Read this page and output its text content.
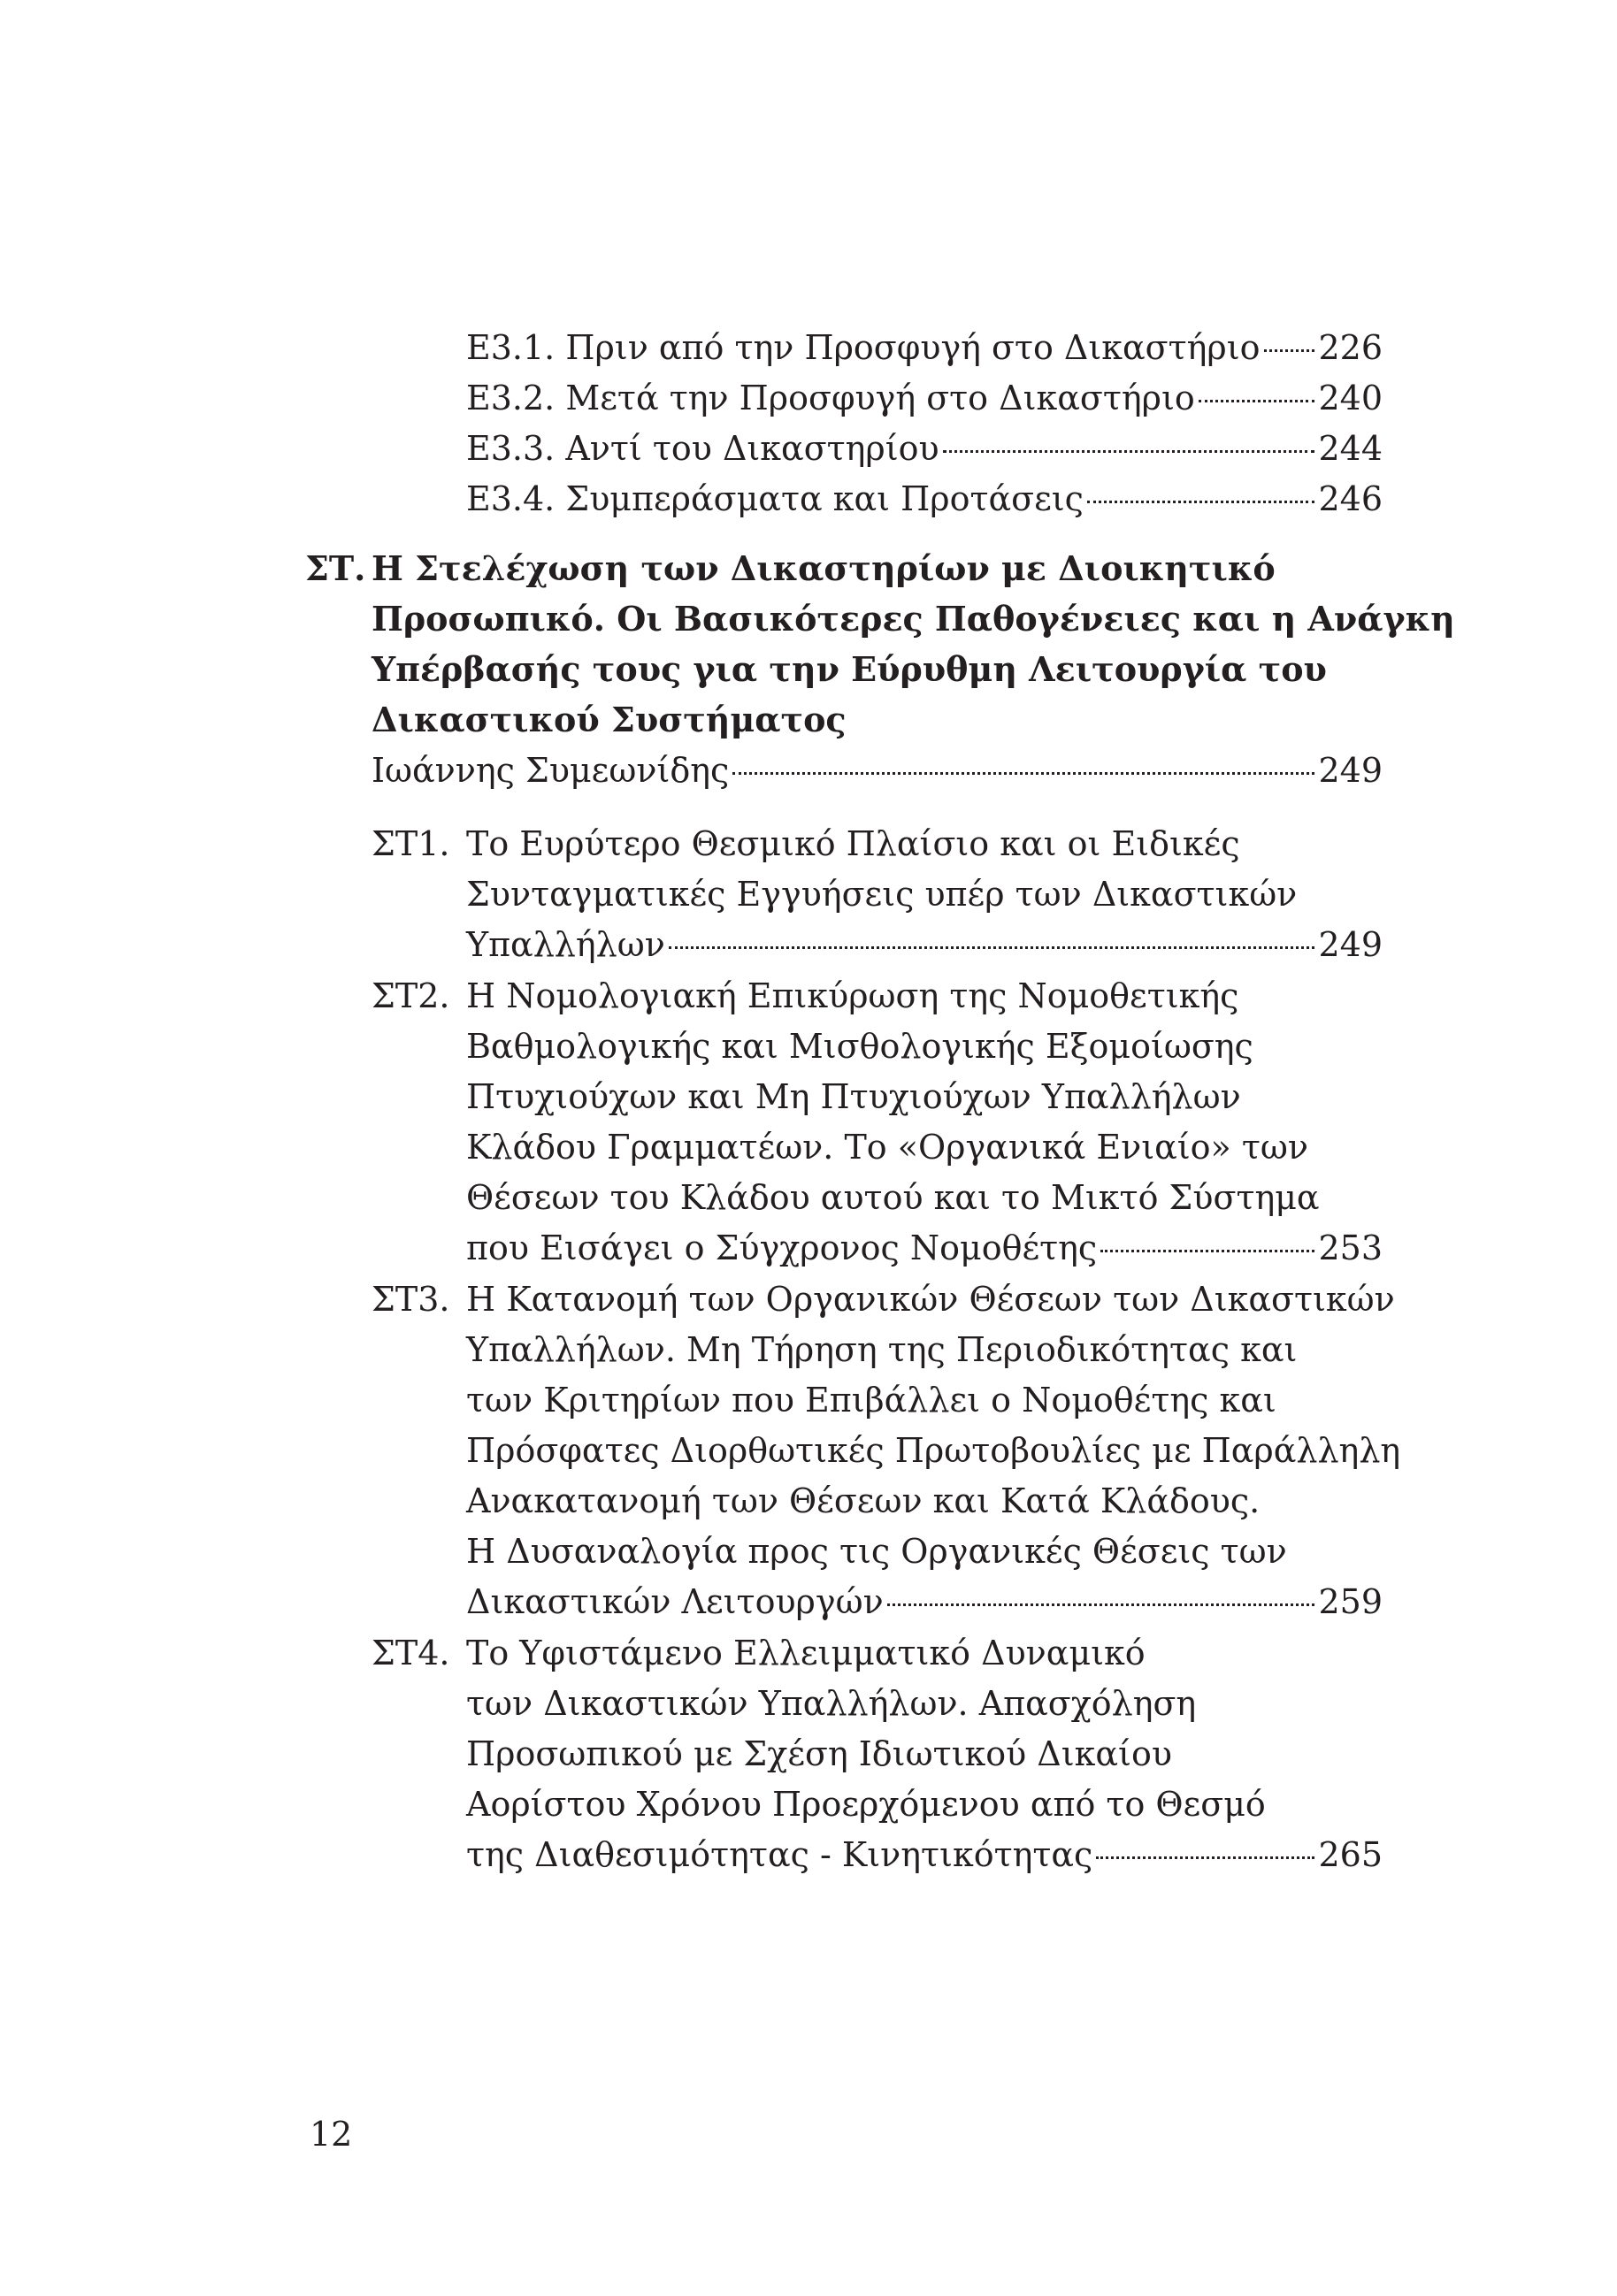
Ε3.1. Πριν από την Προσφυγή στο Δικαστήριο 226
Ε3.2. Μετά την Προσφυγή στο Δικαστήριο	240
Ε3.3. Αντί του Δικαστηρίου	244
Ε3.4. Συμπεράσματα και Προτάσεις	246
ΣΤ. Η Στελέχωση των Δικαστηρίων με Διοικητικό
Προσωπικό. Οι Βασικότερες Παθογένειες και η Ανάγκη
Υπέρβασής τους για την Εύρυθμη Λειτουργία του
Δικαστικού Συστήματος
Ιωάννης Συμεωνίδης	249
ΣΤ1. Το Ευρύτερο Θεσμικό Πλαίσιο και οι Ειδικές
Συνταγματικές Εγγυήσεις υπέρ των Δικαστικών
Υπαλλήλων	249
ΣΤ2. Η Νομολογιακή Επικύρωση της Νομοθετικής
Βαθμολογικής και Μισθολογικής Εξομοίωσης
Πτυχιούχων και Μη Πτυχιούχων Υπαλλήλων
Κλάδου Γραμματέων. Το «Οργανικά Ενιαίο» των
Θέσεων του Κλάδου αυτού και το Μικτό Σύστημα
που Εισάγει ο Σύγχρονος Νομοθέτης	253
ΣΤ3. Η Κατανομή των Οργανικών Θέσεων των Δικαστικών
Υπαλλήλων. Μη Τήρηση της Περιοδικότητας και
των Κριτηρίων που Επιβάλλει ο Νομοθέτης και
Πρόσφατες Διορθωτικές Πρωτοβουλίες με Παράλληλη
Ανακατανομή των Θέσεων και Κατά Κλάδους.
Η Δυσαναλογία προς τις Οργανικές Θέσεις των
Δικαστικών Λειτουργών	259
ΣΤ4. Το Υφιστάμενο Ελλειμματικό Δυναμικό
των Δικαστικών Υπαλλήλων. Απασχόληση
Προσωπικού με Σχέση Ιδιωτικού Δικαίου
Αορίστου Χρόνου Προερχόμενου από το Θεσμό
της Διαθεσιμότητας - Κινητικότητας	265
12
